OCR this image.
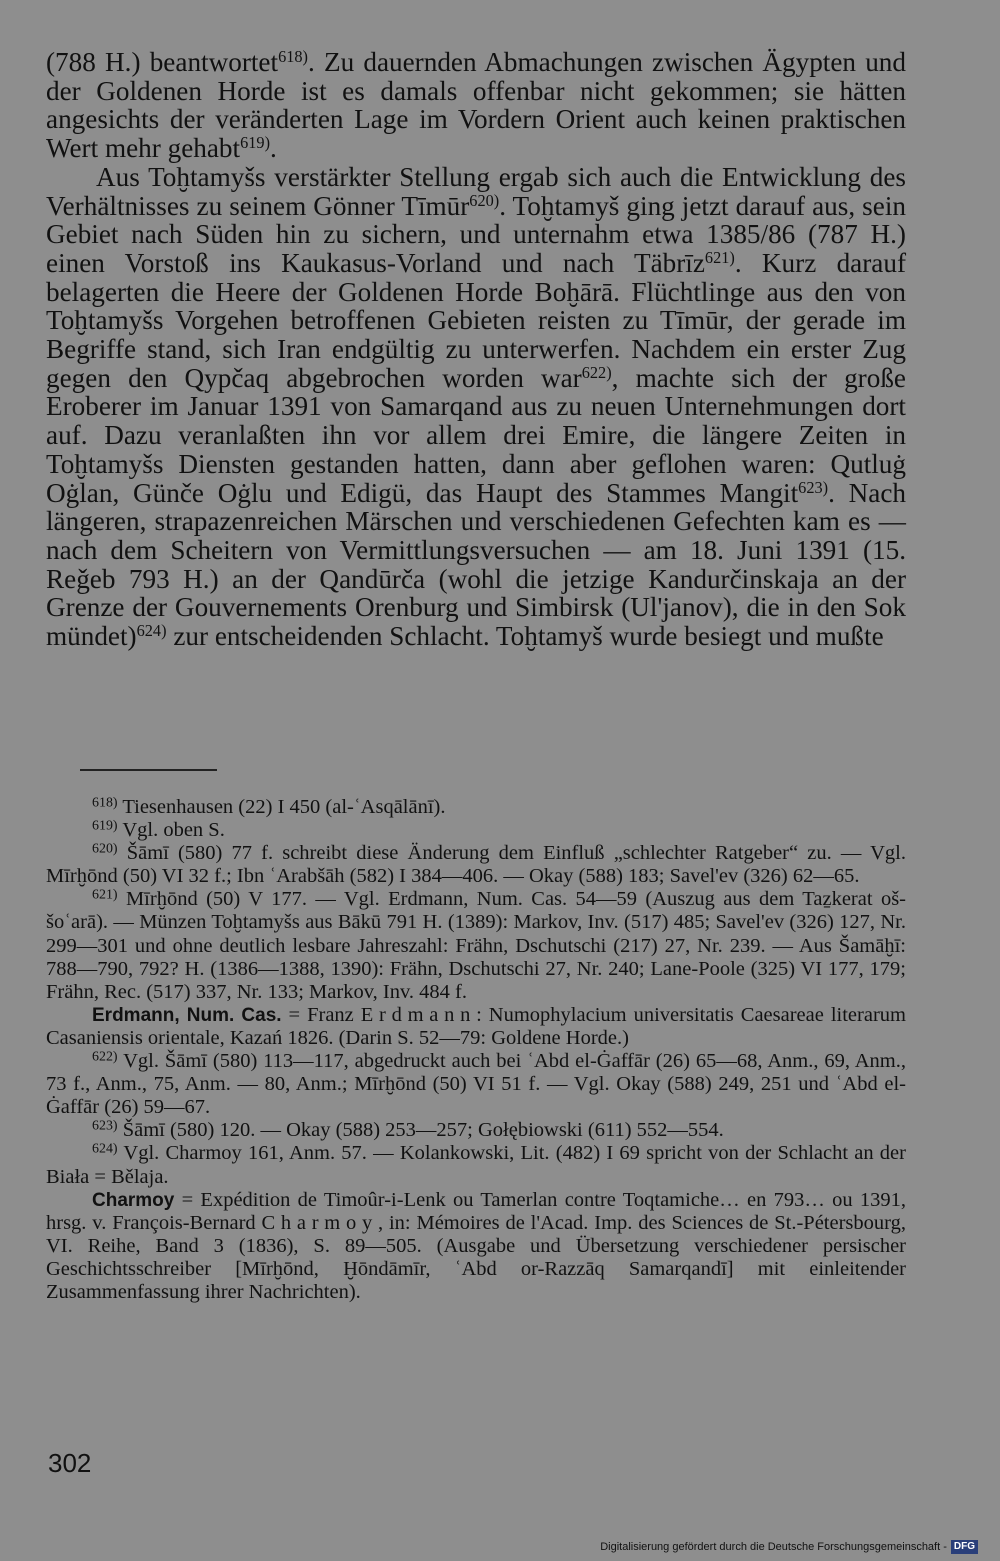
(788 H.) beantwortet$^{618)}$. Zu dauernden Abmachungen zwischen Ägypten und der Goldenen Horde ist es damals offenbar nicht gekommen; sie hätten angesichts der veränderten Lage im Vordern Orient auch keinen praktischen Wert mehr gehabt$^{619)}$.

Aus Toḫtamyšs verstärkter Stellung ergab sich auch die Entwicklung des Verhältnisses zu seinem Gönner Tīmūr$^{620)}$. Toḫtamyš ging jetzt darauf aus, sein Gebiet nach Süden hin zu sichern, und unternahm etwa 1385/86 (787 H.) einen Vorstoß ins Kaukasus-Vorland und nach Täbrīz$^{621)}$. Kurz darauf belagerten die Heere der Goldenen Horde Boḫārā. Flüchtlinge aus den von Toḫtamyšs Vorgehen betroffenen Gebieten reisten zu Tīmūr, der gerade im Begriffe stand, sich Iran endgültig zu unterwerfen. Nachdem ein erster Zug gegen den Qypčaq abgebrochen worden war$^{622)}$, machte sich der große Eroberer im Januar 1391 von Samarqand aus zu neuen Unternehmungen dort auf. Dazu veranlaßten ihn vor allem drei Emire, die längere Zeiten in Toḫtamyšs Diensten gestanden hatten, dann aber geflohen waren: Qutluġ Oġlan, Günče Oġlu und Edigü, das Haupt des Stammes Mangit$^{623)}$. Nach längeren, strapazenreichen Märschen und verschiedenen Gefechten kam es — nach dem Scheitern von Vermittlungsversuchen — am 18. Juni 1391 (15. Reǧeb 793 H.) an der Qandūrča (wohl die jetzige Kandurčinskaja an der Grenze der Gouvernements Orenburg und Simbirsk (Ul'janov), die in den Sok mündet)$^{624)}$ zur entscheidenden Schlacht. Toḫtamyš wurde besiegt und mußte

$^{618)}$ Tiesenhausen (22) I 450 (al-ʿAsqālānī).

$^{619)}$ Vgl. oben S.

$^{620)}$ Šāmī (580) 77 f. schreibt diese Änderung dem Einfluß „schlechter Ratgeber“ zu. — Vgl. Mīrḫōnd (50) VI 32 f.; Ibn ʿArabšāh (582) I 384—406. — Okay (588) 183; Savel'ev (326) 62—65.

$^{621)}$ Mīrḫōnd (50) V 177. — Vgl. Erdmann, Num. Cas. 54—59 (Auszug aus dem Taẕkerat oš-šoʿarā). — Münzen Toḫtamyšs aus Bākū 791 H. (1389): Markov, Inv. (517) 485; Savel'ev (326) 127, Nr. 299—301 und ohne deutlich lesbare Jahreszahl: Frähn, Dschutschi (217) 27, Nr. 239. — Aus Šamāḫī: 788—790, 792? H. (1386—1388, 1390): Frähn, Dschutschi 27, Nr. 240; Lane-Poole (325) VI 177, 179; Frähn, Rec. (517) 337, Nr. 133; Markov, Inv. 484 f.

Erdmann, Num. Cas. = Franz Erdmann: Numophylacium universitatis Caesareae literarum Casaniensis orientale, Kazań 1826. (Darin S. 52—79: Goldene Horde.)

$^{622)}$ Vgl. Šāmī (580) 113—117, abgedruckt auch bei ʿAbd el-Ġaffār (26) 65—68, Anm., 69, Anm., 73 f., Anm., 75, Anm. — 80, Anm.; Mīrḫōnd (50) VI 51 f. — Vgl. Okay (588) 249, 251 und ʿAbd el-Ġaffār (26) 59—67.

$^{623)}$ Šāmī (580) 120. — Okay (588) 253—257; Gołębiowski (611) 552—554.

$^{624)}$ Vgl. Charmoy 161, Anm. 57. — Kolankowski, Lit. (482) I 69 spricht von der Schlacht an der Biała = Bělaja.

Charmoy = Expédition de Timoûr-i-Lenk ou Tamerlan contre Toqtamiche… en 793… ou 1391, hrsg. v. François-Bernard Charmoy, in: Mémoires de l'Acad. Imp. des Sciences de St.-Pétersbourg, VI. Reihe, Band 3 (1836), S. 89—505. (Ausgabe und Übersetzung verschiedener persischer Geschichtsschreiber [Mīrḫōnd, Ḫōndāmīr, ʿAbd or-Razzāq Samarqandī] mit einleitender Zusammenfassung ihrer Nachrichten).

302

Digitalisierung gefördert durch die Deutsche Forschungsgemeinschaft - DFG
